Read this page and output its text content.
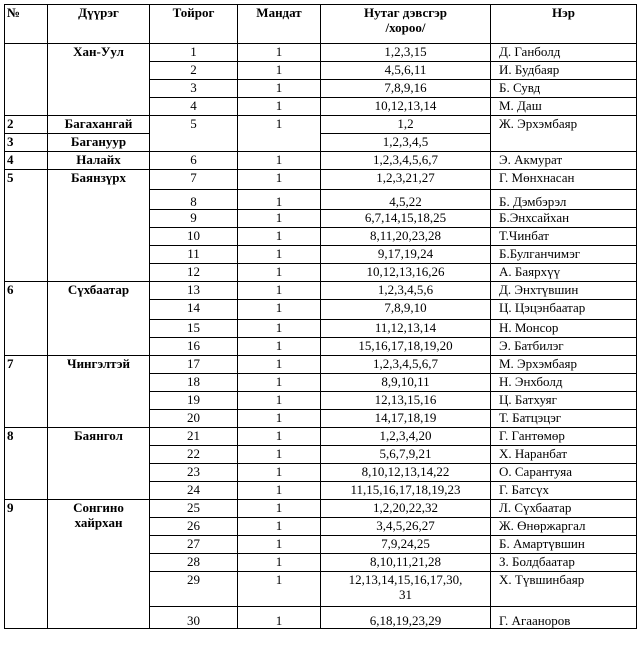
№	Дүүрэг	Тойрог	Мандат	Нутаг дэвсгэр
/хороо/	Нэр
	Хан-Уул	1	1	1,2,3,15	Д. Ганболд
		2	1	4,5,6,11	И. Будбаяр
		3	1	7,8,9,16	Б. Сувд
		4	1	10,12,13,14	М. Даш
2	Багахангай	5	1	1,2	Ж. Эрхэмбаяр
3	Багануур			1,2,3,4,5	
4	Налайх	6	1	1,2,3,4,5,6,7	Э. Акмурат
5	Баянзүрх	7	1	1,2,3,21,27	Г. Мөнхнасан
		8	1	4,5,22	Б. Дэмбэрэл
		9	1	6,7,14,15,18,25	Б.Энхсайхан
		10	1	8,11,20,23,28	Т.Чинбат
		11	1	9,17,19,24	Б.Булганчимэг
		12	1	10,12,13,16,26	А. Баярхүү
6	Сүхбаатар	13	1	1,2,3,4,5,6	Д. Энхтүвшин
		14	1	7,8,9,10	Ц. Цэцэнбаатар
		15	1	11,12,13,14	Н. Монсор
		16	1	15,16,17,18,19,20	Э. Батбилэг
7	Чингэлтэй	17	1	1,2,3,4,5,6,7	М. Эрхэмбаяр
		18	1	8,9,10,11	Н. Энхболд
		19	1	12,13,15,16	Ц. Батхуяг
		20	1	14,17,18,19	Т. Батцэцэг
8	Баянгол	21	1	1,2,3,4,20	Г. Гантөмөр
		22	1	5,6,7,9,21	Х. Наранбат
		23	1	8,10,12,13,14,22	О. Сарантуяа
		24	1	11,15,16,17,18,19,23	Г. Батсүх
9	Сонгино
хайрхан	25	1	1,2,20,22,32	Л. Сүхбаатар
		26	1	3,4,5,26,27	Ж. Өнөржаргал
		27	1	7,9,24,25	Б. Амартүвшин
		28	1	8,10,11,21,28	З. Болдбаатар
		29	1	12,13,14,15,16,17,30,
31	Х. Түвшинбаяр
		30	1	6,18,19,23,29	Г. Агаанорoв
